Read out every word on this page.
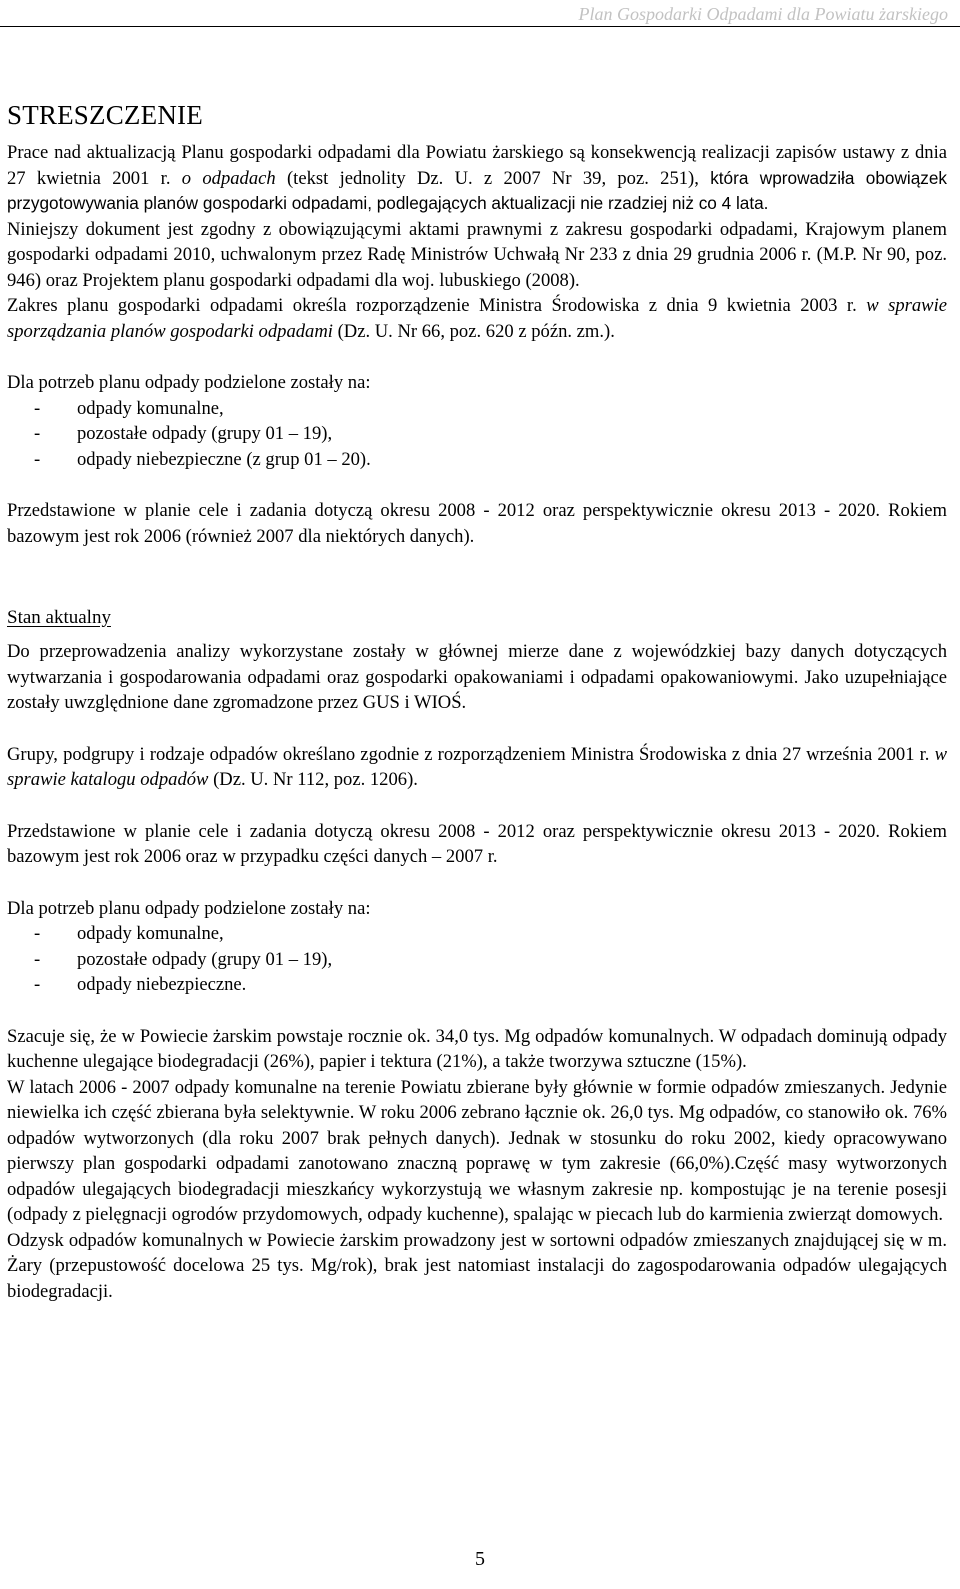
Plan Gospodarki Odpadami dla Powiatu żarskiego
STRESZCZENIE

Prace nad aktualizacją Planu gospodarki odpadami dla Powiatu żarskiego są konsekwencją realizacji zapisów ustawy z dnia 27 kwietnia 2001 r. o odpadach (tekst jednolity Dz. U. z 2007 Nr 39, poz. 251), która wprowadziła obowiązek przygotowywania planów gospodarki odpadami, podlegających aktualizacji nie rzadziej niż co 4 lata.

Niniejszy dokument jest zgodny z obowiązującymi aktami prawnymi z zakresu gospodarki odpadami, Krajowym planem gospodarki odpadami 2010, uchwalonym przez Radę Ministrów Uchwałą Nr 233 z dnia 29 grudnia 2006 r. (M.P. Nr 90, poz. 946) oraz Projektem planu gospodarki odpadami dla woj. lubuskiego (2008).

Zakres planu gospodarki odpadami określa rozporządzenie Ministra Środowiska z dnia 9 kwietnia 2003 r. w sprawie sporządzania planów gospodarki odpadami (Dz. U. Nr 66, poz. 620 z późn. zm.).

Dla potrzeb planu odpady podzielone zostały na:

- odpady komunalne,
- pozostałe odpady (grupy 01 – 19),
- odpady niebezpieczne (z grup 01 – 20).

Przedstawione w planie cele i zadania dotyczą okresu 2008 - 2012 oraz perspektywicznie okresu 2013 - 2020. Rokiem bazowym jest rok 2006 (również 2007 dla niektórych danych).

Stan aktualny

Do przeprowadzenia analizy wykorzystane zostały w głównej mierze dane z wojewódzkiej bazy danych dotyczących wytwarzania i gospodarowania odpadami oraz gospodarki opakowaniami i odpadami opakowaniowymi. Jako uzupełniające zostały uwzględnione dane zgromadzone przez GUS i WIOŚ.

Grupy, podgrupy i rodzaje odpadów określano zgodnie z rozporządzeniem Ministra Środowiska z dnia 27 września 2001 r. w sprawie katalogu odpadów (Dz. U. Nr 112, poz. 1206).

Przedstawione w planie cele i zadania dotyczą okresu 2008 - 2012 oraz perspektywicznie okresu 2013 - 2020. Rokiem bazowym jest rok 2006 oraz w przypadku części danych – 2007 r.

Dla potrzeb planu odpady podzielone zostały na:

- odpady komunalne,
- pozostałe odpady (grupy 01 – 19),
- odpady niebezpieczne.

Szacuje się, że w Powiecie żarskim powstaje rocznie ok. 34,0 tys. Mg odpadów komunalnych. W odpadach dominują odpady kuchenne ulegające biodegradacji (26%), papier i tektura (21%), a także tworzywa sztuczne (15%).

W latach 2006 - 2007 odpady komunalne na terenie Powiatu zbierane były głównie w formie odpadów zmieszanych. Jedynie niewielka ich część zbierana była selektywnie. W roku 2006 zebrano łącznie ok. 26,0 tys. Mg odpadów, co stanowiło ok. 76% odpadów wytworzonych (dla roku 2007 brak pełnych danych). Jednak w stosunku do roku 2002, kiedy opracowywano pierwszy plan gospodarki odpadami zanotowano znaczną poprawę w tym zakresie (66,0%).Część masy wytworzonych odpadów ulegających biodegradacji mieszkańcy wykorzystują we własnym zakresie np. kompostując je na terenie posesji (odpady z pielęgnacji ogrodów przydomowych, odpady kuchenne), spalając w piecach lub do karmienia zwierząt domowych.

Odzysk odpadów komunalnych w Powiecie żarskim prowadzony jest w sortowni odpadów zmieszanych znajdującej się w m. Żary (przepustowość docelowa 25 tys. Mg/rok), brak jest natomiast instalacji do zagospodarowania odpadów ulegających biodegradacji.

5
